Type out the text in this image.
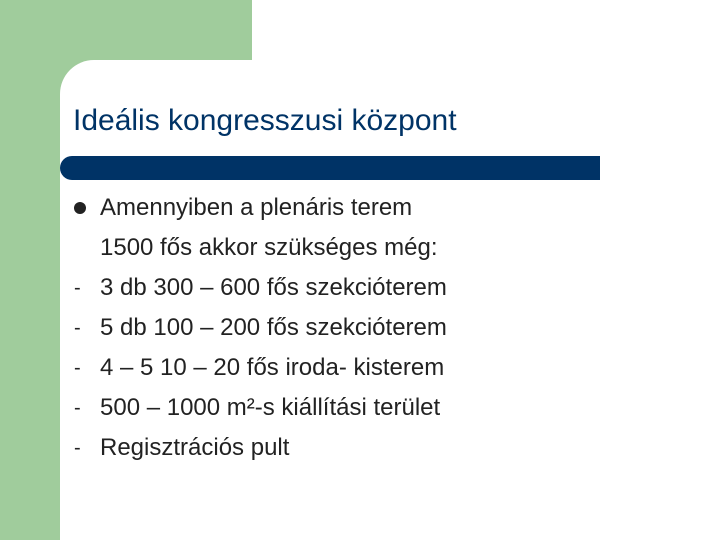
Ideális kongresszusi központ
Amennyiben a plenáris terem
1500 fős akkor szükséges még:
- 3 db 300 – 600 fős szekcióterem
- 5 db 100 – 200 fős szekcióterem
- 4 – 5 10 – 20 fős iroda- kisterem
- 500 – 1000 m²-s kiállítási terület
- Regisztrációs pult
